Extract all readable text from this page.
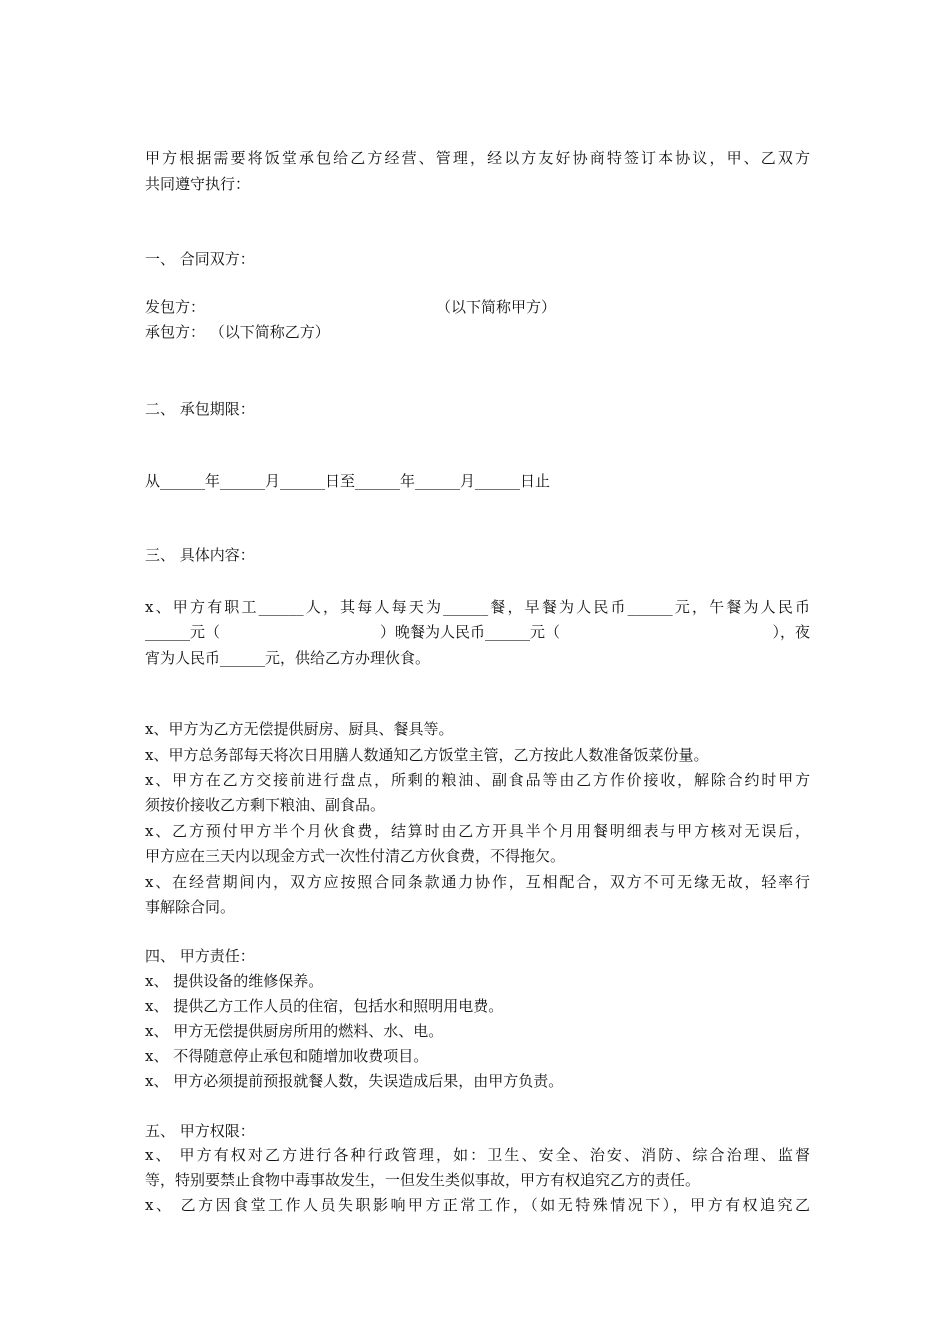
甲方根据需要将饭堂承包给乙方经营、管理，经以方友好协商特签订本协议，甲、乙双方
共同遵守执行：
一、 合同双方：
发包方：	（以下简称甲方）
承包方： （以下简称乙方）
二、 承包期限：
从______年______月______日至______年______月______日止
三、 具体内容：
x、甲方有职工______人，其每人每天为______餐，早餐为人民币______元，午餐为人民币
______元（	）晚餐为人民币______元（	），夜
宵为人民币______元，供给乙方办理伙食。
x、甲方为乙方无偿提供厨房、厨具、餐具等。
x、甲方总务部每天将次日用膳人数通知乙方饭堂主管，乙方按此人数准备饭菜份量。
x、甲方在乙方交接前进行盘点，所剩的粮油、副食品等由乙方作价接收，解除合约时甲方
须按价接收乙方剩下粮油、副食品。
x、乙方预付甲方半个月伙食费，结算时由乙方开具半个月用餐明细表与甲方核对无误后，
甲方应在三天内以现金方式一次性付清乙方伙食费，不得拖欠。
x、在经营期间内，双方应按照合同条款通力协作，互相配合，双方不可无缘无故，轻率行
事解除合同。
四、 甲方责任：
x、 提供设备的维修保养。
x、 提供乙方工作人员的住宿，包括水和照明用电费。
x、 甲方无偿提供厨房所用的燃料、水、电。
x、 不得随意停止承包和随增加收费项目。
x、 甲方必须提前预报就餐人数，失误造成后果，由甲方负责。
五、 甲方权限：
x、 甲方有权对乙方进行各种行政管理，如：卫生、安全、治安、消防、综合治理、监督
等，特别要禁止食物中毒事故发生，一但发生类似事故，甲方有权追究乙方的责任。
x、 乙方因食堂工作人员失职影响甲方正常工作，（如无特殊情况下），甲方有权追究乙
